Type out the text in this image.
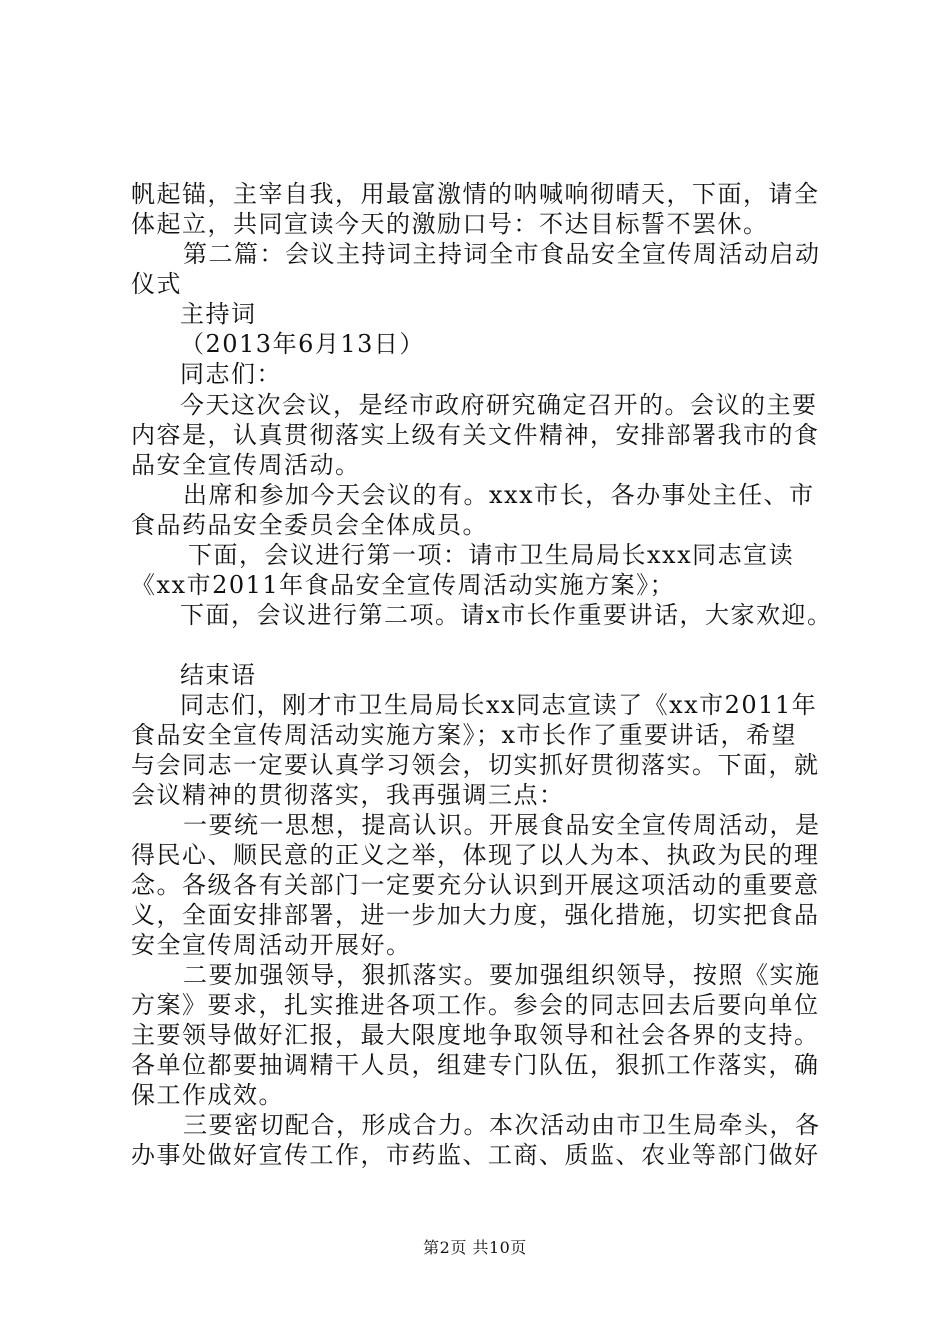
帆起锚，主宰自我，用最富激情的呐喊响彻晴天，下面，请全
体起立，共同宣读今天的激励口号：不达目标誓不罢休。
第二篇：会议主持词主持词全市食品安全宣传周活动启动
仪式
主持词
（2013年6月13日）
同志们：
今天这次会议，是经市政府研究确定召开的。会议的主要
内容是，认真贯彻落实上级有关文件精神，安排部署我市的食
品安全宣传周活动。
出席和参加今天会议的有。xxx市长，各办事处主任、市
食品药品安全委员会全体成员。
下面，会议进行第一项：请市卫生局局长xxx同志宣读
《xx市2011年食品安全宣传周活动实施方案》；
下面，会议进行第二项。请x市长作重要讲话，大家欢迎。
结束语
同志们，刚才市卫生局局长xx同志宣读了《xx市2011年
食品安全宣传周活动实施方案》；x市长作了重要讲话，希望
与会同志一定要认真学习领会，切实抓好贯彻落实。下面，就
会议精神的贯彻落实，我再强调三点：
一要统一思想，提高认识。开展食品安全宣传周活动，是
得民心、顺民意的正义之举，体现了以人为本、执政为民的理
念。各级各有关部门一定要充分认识到开展这项活动的重要意
义，全面安排部署，进一步加大力度，强化措施，切实把食品
安全宣传周活动开展好。
二要加强领导，狠抓落实。要加强组织领导，按照《实施
方案》要求，扎实推进各项工作。参会的同志回去后要向单位
主要领导做好汇报，最大限度地争取领导和社会各界的支持。
各单位都要抽调精干人员，组建专门队伍，狠抓工作落实，确
保工作成效。
三要密切配合，形成合力。本次活动由市卫生局牵头，各
办事处做好宣传工作，市药监、工商、质监、农业等部门做好
第2页 共10页
